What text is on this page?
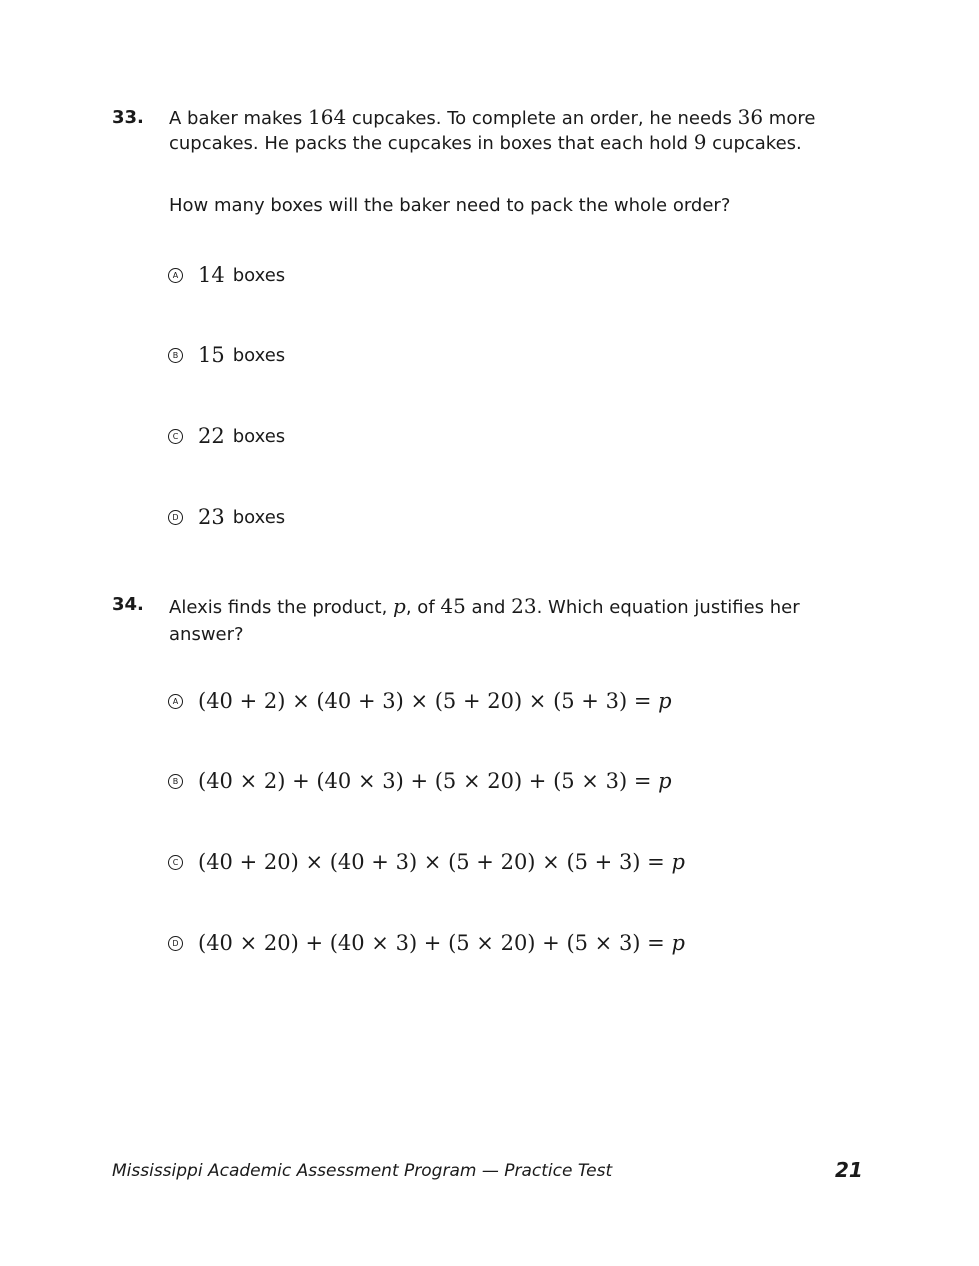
33. A baker makes 164 cupcakes. To complete an order, he needs 36 more cupcakes. He packs the cupcakes in boxes that each hold 9 cupcakes.
How many boxes will the baker need to pack the whole order?
A 14 boxes
B 15 boxes
C 22 boxes
D 23 boxes
34. Alexis finds the product, p, of 45 and 23. Which equation justifies her answer?
A (40 + 2) × (40 + 3) × (5 + 20) × (5 + 3) = p
B (40 × 2) + (40 × 3) + (5 × 20) + (5 × 3) = p
C (40 + 20) × (40 + 3) × (5 + 20) × (5 + 3) = p
D (40 × 20) + (40 × 3) + (5 × 20) + (5 × 3) = p
Mississippi Academic Assessment Program — Practice Test	21
